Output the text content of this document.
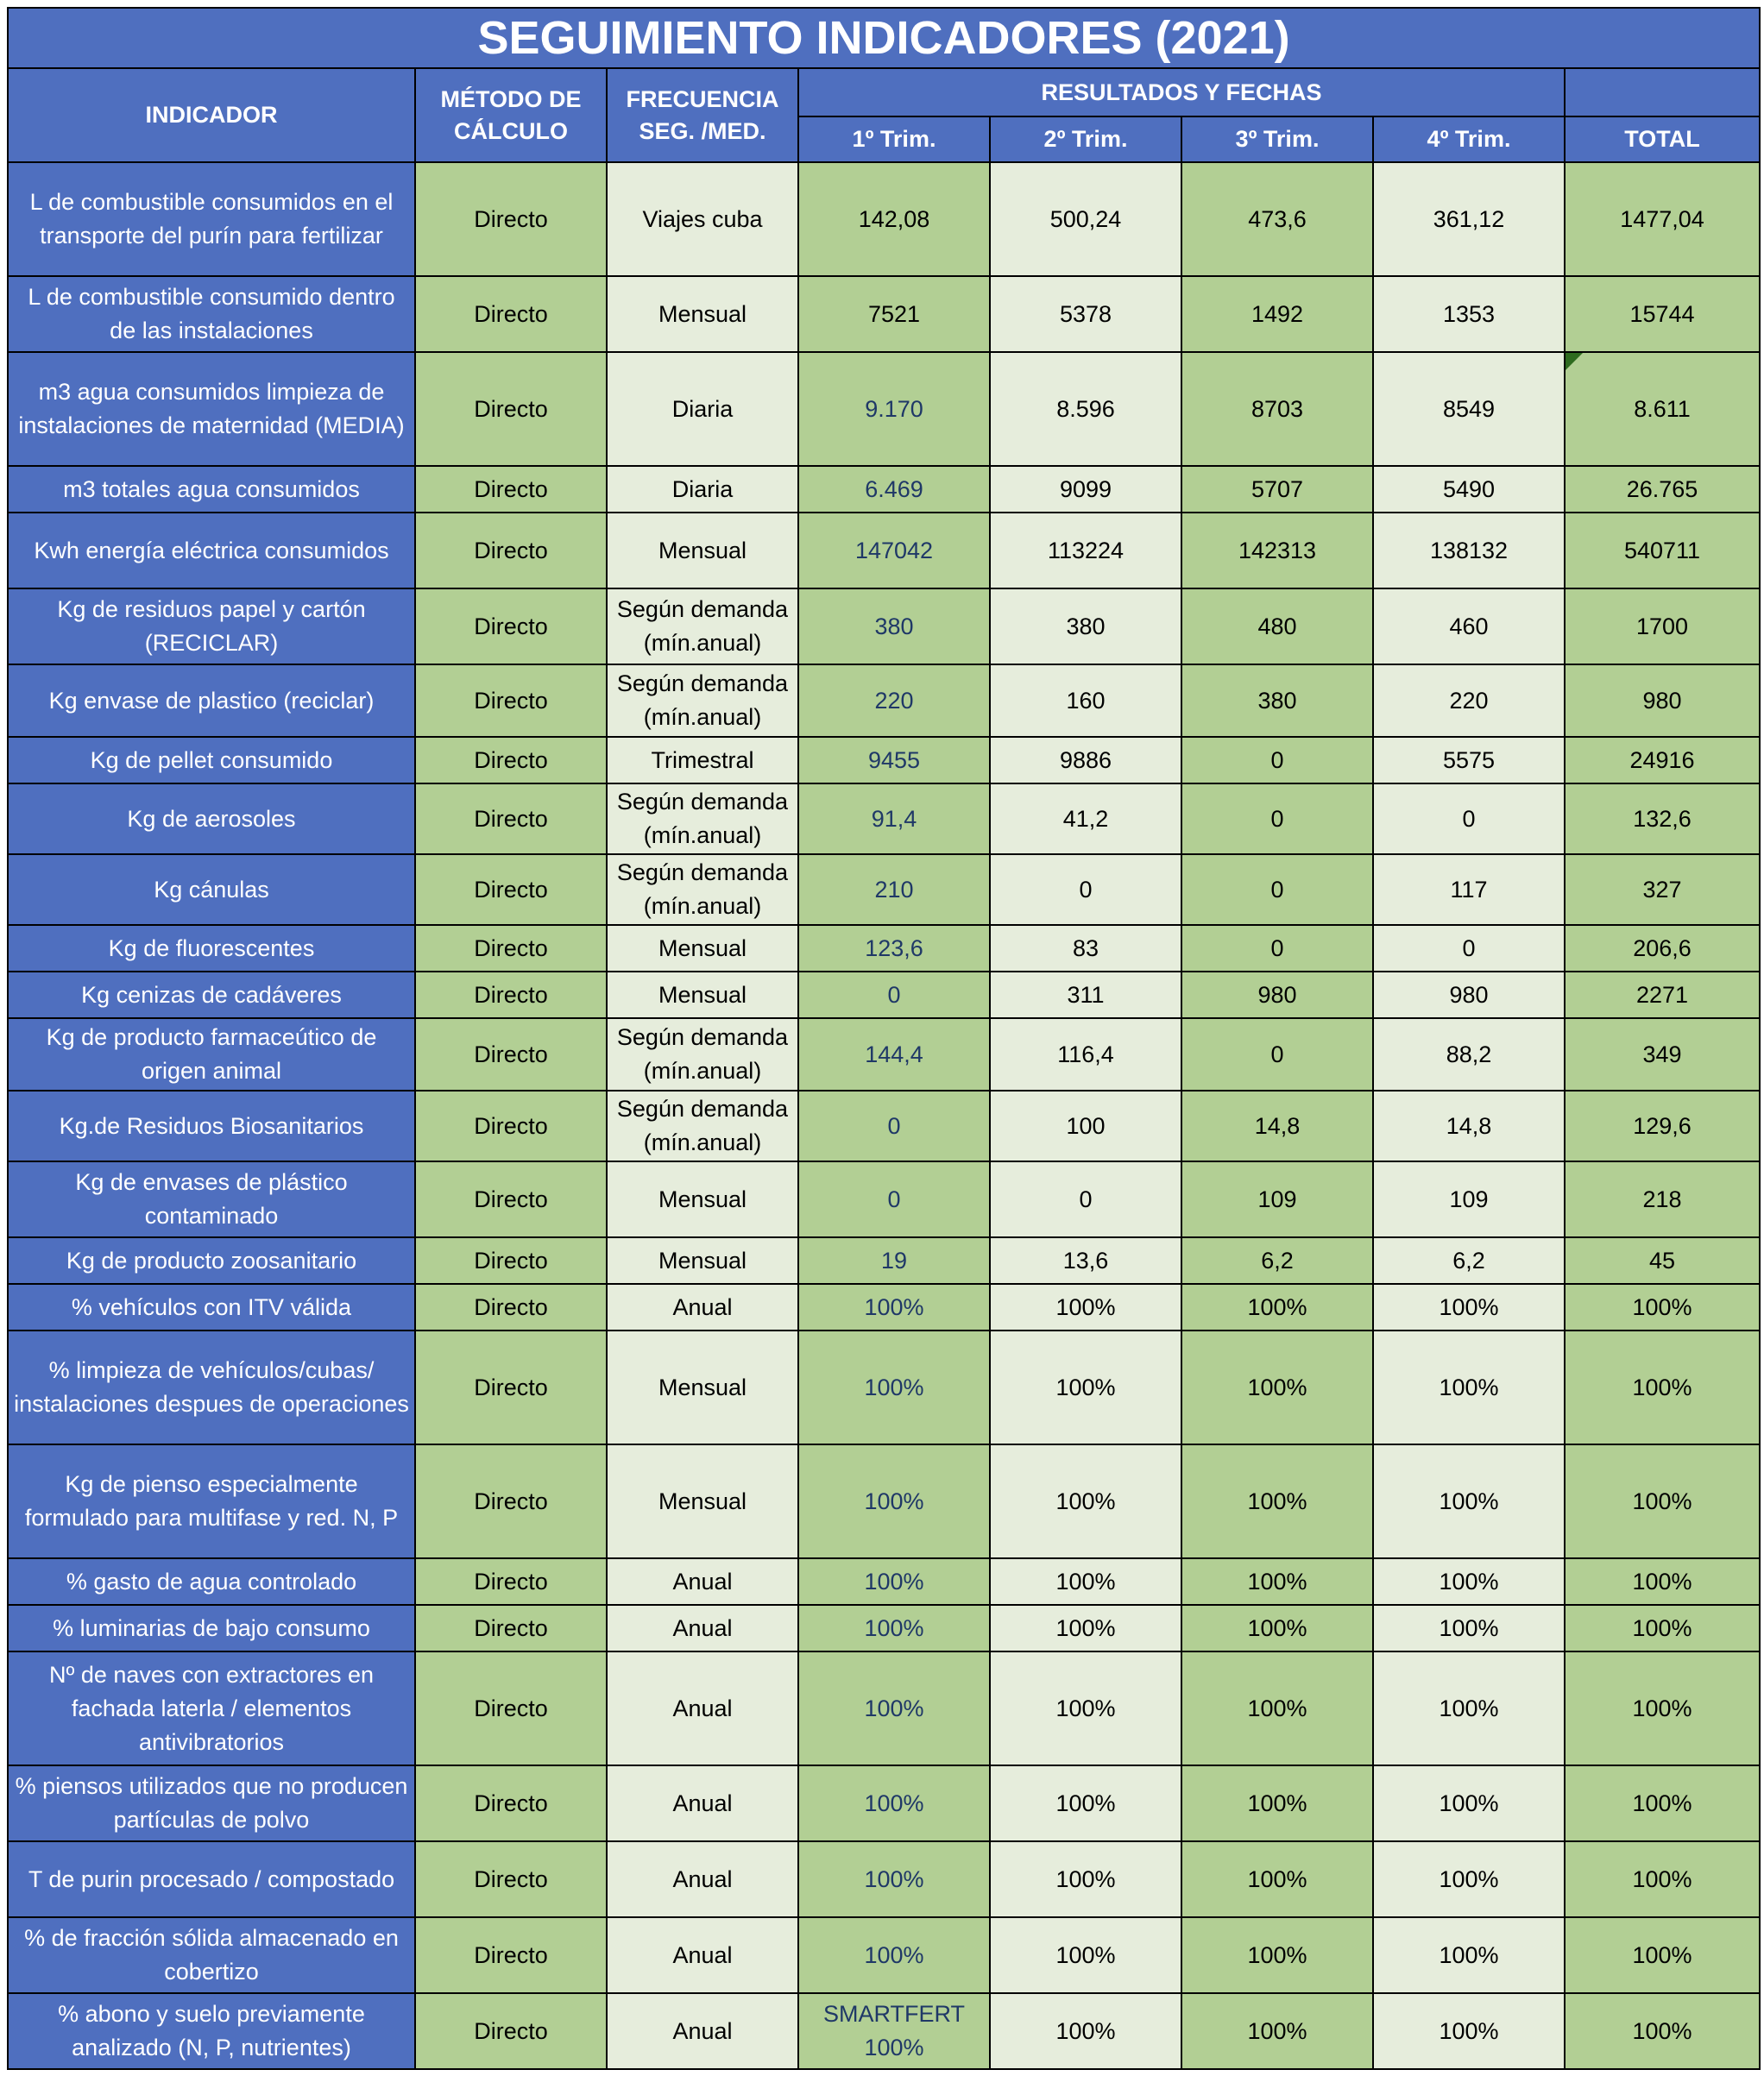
SEGUIMIENTO INDICADORES (2021)							
INDICADOR	MÉTODO DE CÁLCULO	FRECUENCIA SEG. /MED.	RESULTADOS Y FECHAS				
			1º Trim.	2º Trim.	3º Trim.	4º Trim.	TOTAL
L de combustible consumidos en el transporte del purín para fertilizar	Directo	Viajes cuba	142,08	500,24	473,6	361,12	1477,04
L de combustible consumido dentro de las instalaciones	Directo	Mensual	7521	5378	1492	1353	15744
m3 agua consumidos limpieza de instalaciones de maternidad (MEDIA)	Directo	Diaria	9.170	8.596	8703	8549	8.611
m3 totales agua consumidos	Directo	Diaria	6.469	9099	5707	5490	26.765
Kwh energía eléctrica consumidos	Directo	Mensual	147042	113224	142313	138132	540711
Kg de residuos papel y cartón (RECICLAR)	Directo	Según demanda (mín.anual)	380	380	480	460	1700
Kg envase de plastico (reciclar)	Directo	Según demanda (mín.anual)	220	160	380	220	980
Kg de pellet consumido	Directo	Trimestral	9455	9886	0	5575	24916
Kg de aerosoles	Directo	Según demanda (mín.anual)	91,4	41,2	0	0	132,6
Kg cánulas	Directo	Según demanda (mín.anual)	210	0	0	117	327
Kg de fluorescentes	Directo	Mensual	123,6	83	0	0	206,6
Kg cenizas de cadáveres	Directo	Mensual	0	311	980	980	2271
Kg de producto farmaceútico de origen animal	Directo	Según demanda (mín.anual)	144,4	116,4	0	88,2	349
Kg.de Residuos Biosanitarios	Directo	Según demanda (mín.anual)	0	100	14,8	14,8	129,6
Kg de envases de plástico contaminado	Directo	Mensual	0	0	109	109	218
Kg de producto zoosanitario	Directo	Mensual	19	13,6	6,2	6,2	45
% vehículos con ITV válida	Directo	Anual	100%	100%	100%	100%	100%
% limpieza de vehículos/cubas/ instalaciones despues de operaciones	Directo	Mensual	100%	100%	100%	100%	100%
Kg de pienso especialmente formulado para multifase y red. N, P	Directo	Mensual	100%	100%	100%	100%	100%
% gasto de agua controlado	Directo	Anual	100%	100%	100%	100%	100%
% luminarias de bajo consumo	Directo	Anual	100%	100%	100%	100%	100%
Nº de naves con extractores en fachada laterla / elementos antivibratorios	Directo	Anual	100%	100%	100%	100%	100%
% piensos utilizados que no producen partículas de polvo	Directo	Anual	100%	100%	100%	100%	100%
T de purin procesado / compostado	Directo	Anual	100%	100%	100%	100%	100%
% de fracción sólida almacenado en cobertizo	Directo	Anual	100%	100%	100%	100%	100%
% abono y suelo previamente analizado (N, P, nutrientes)	Directo	Anual	SMARTFERT 100%	100%	100%	100%	100%
